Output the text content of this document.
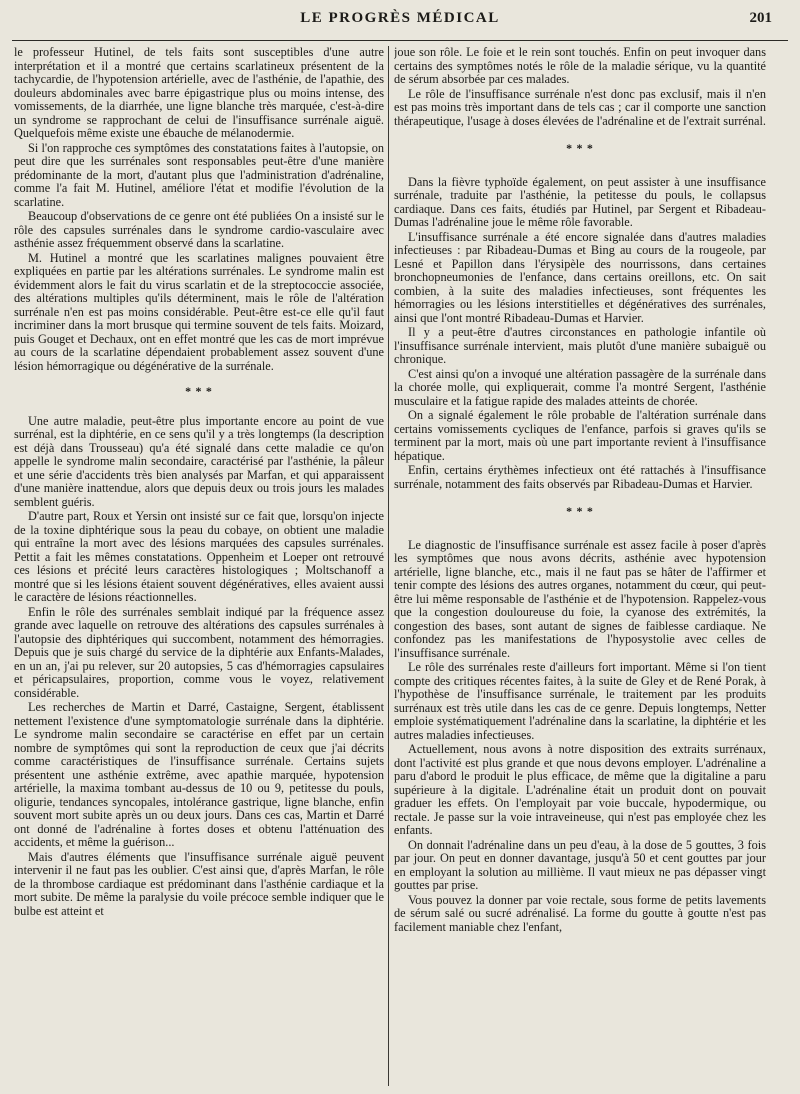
LE PROGRÈS MÉDICAL	201

le professeur Hutinel, de tels faits sont susceptibles d'une autre interprétation et il a montré que certains scarlatineux présentent de la tachycardie, de l'hypotension artérielle, avec de l'asthénie, de l'apathie, des douleurs abdominales avec barre épigastrique plus ou moins intense, des vomissements, de la diarrhée, une ligne blanche très marquée, c'est-à-dire un syndrome se rapprochant de celui de l'insuffisance surrénale aiguë. Quelquefois même existe une ébauche de mélanodermie.

Si l'on rapproche ces symptômes des constatations faites à l'autopsie, on peut dire que les surrénales sont responsables peut-être d'une manière prédominante de la mort, d'autant plus que l'administration d'adrénaline, comme l'a fait M. Hutinel, améliore l'état et modifie l'évolution de la scarlatine.

Beaucoup d'observations de ce genre ont été publiées On a insisté sur le rôle des capsules surrénales dans le syndrome cardio-vasculaire avec asthénie assez fréquemment observé dans la scarlatine.

M. Hutinel a montré que les scarlatines malignes pouvaient être expliquées en partie par les altérations surrénales. Le syndrome malin est évidemment alors le fait du virus scarlatin et de la streptococcie associée, des altérations multiples qu'ils déterminent, mais le rôle de l'altération surrénale n'en est pas moins considérable. Peut-être est-ce elle qu'il faut incriminer dans la mort brusque qui termine souvent de tels faits. Moizard, puis Gouget et Dechaux, ont en effet montré que les cas de mort imprévue au cours de la scarlatine dépendaient probablement assez souvent d'une lésion hémorragique ou dégénérative de la surrénale.

* * *

Une autre maladie, peut-être plus importante encore au point de vue surrénal, est la diphtérie, en ce sens qu'il y a très longtemps (la description est déjà dans Trousseau) qu'a été signalé dans cette maladie ce qu'on appelle le syndrome malin secondaire, caractérisé par l'asthénie, la pâleur et une série d'accidents très bien analysés par Marfan, et qui apparaissent d'une manière inattendue, alors que depuis deux ou trois jours les malades semblent guéris.

D'autre part, Roux et Yersin ont insisté sur ce fait que, lorsqu'on injecte de la toxine diphtérique sous la peau du cobaye, on obtient une maladie qui entraîne la mort avec des lésions marquées des capsules surrénales. Pettit a fait les mêmes constatations. Oppenheim et Loeper ont retrouvé ces lésions et précité leurs caractères histologiques ; Moltschanoff a montré que si les lésions étaient souvent dégénératives, elles avaient aussi le caractère de lésions réactionnelles.

Enfin le rôle des surrénales semblait indiqué par la fréquence assez grande avec laquelle on retrouve des altérations des capsules surrénales à l'autopsie des diphtériques qui succombent, notamment des hémorragies. Depuis que je suis chargé du service de la diphtérie aux Enfants-Malades, en un an, j'ai pu relever, sur 20 autopsies, 5 cas d'hémorragies capsulaires et péricapsulaires, proportion, comme vous le voyez, relativement considérable.

Les recherches de Martin et Darré, Castaigne, Sergent, établissent nettement l'existence d'une symptomatologie surrénale dans la diphtérie. Le syndrome malin secondaire se caractérise en effet par un certain nombre de symptômes qui sont la reproduction de ceux que j'ai décrits comme caractéristiques de l'insuffisance surrénale. Certains sujets présentent une asthénie extrême, avec apathie marquée, hypotension artérielle, la maxima tombant au-dessus de 10 ou 9, petitesse du pouls, oligurie, tendances syncopales, intolérance gastrique, ligne blanche, enfin souvent mort subite après un ou deux jours. Dans ces cas, Martin et Darré ont donné de l'adrénaline à fortes doses et obtenu l'atténuation des accidents, et même la guérison...

Mais d'autres éléments que l'insuffisance surrénale aiguë peuvent intervenir il ne faut pas les oublier. C'est ainsi que, d'après Marfan, le rôle de la thrombose cardiaque est prédominant dans l'asthénie cardiaque et la mort subite. De même la paralysie du voile précoce semble indiquer que le bulbe est atteint et

joue son rôle. Le foie et le rein sont touchés. Enfin on peut invoquer dans certains des symptômes notés le rôle de la maladie sérique, vu la quantité de sérum absorbée par ces malades.

Le rôle de l'insuffisance surrénale n'est donc pas exclusif, mais il n'en est pas moins très important dans de tels cas ; car il comporte une sanction thérapeutique, l'usage à doses élevées de l'adrénaline et de l'extrait surrénal.

* * *

Dans la fièvre typhoïde également, on peut assister à une insuffisance surrénale, traduite par l'asthénie, la petitesse du pouls, le collapsus cardiaque. Dans ces faits, étudiés par Hutinel, par Sergent et Ribadeau-Dumas l'adrénaline joue le même rôle favorable.

L'insuffisance surrénale a été encore signalée dans d'autres maladies infectieuses : par Ribadeau-Dumas et Bing au cours de la rougeole, par Lesné et Papillon dans l'érysipèle des nourrissons, dans certaines bronchopneumonies de l'enfance, dans certains oreillons, etc. On sait combien, à la suite des maladies infectieuses, sont fréquentes les hémorragies ou les lésions interstitielles et dégénératives des surrénales, ainsi que l'ont montré Ribadeau-Dumas et Harvier.

Il y a peut-être d'autres circonstances en pathologie infantile où l'insuffisance surrénale intervient, mais plutôt d'une manière subaiguë ou chronique.

C'est ainsi qu'on a invoqué une altération passagère de la surrénale dans la chorée molle, qui expliquerait, comme l'a montré Sergent, l'asthénie musculaire et la fatigue rapide des malades atteints de chorée.

On a signalé également le rôle probable de l'altération surrénale dans certains vomissements cycliques de l'enfance, parfois si graves qu'ils se terminent par la mort, mais où une part importante revient à l'insuffisance hépatique.

Enfin, certains érythèmes infectieux ont été rattachés à l'insuffisance surrénale, notamment des faits observés par Ribadeau-Dumas et Harvier.

* * *

Le diagnostic de l'insuffisance surrénale est assez facile à poser d'après les symptômes que nous avons décrits, asthénie avec hypotension artérielle, ligne blanche, etc., mais il ne faut pas se hâter de l'affirmer et tenir compte des lésions des autres organes, notamment du cœur, qui peut-être lui même responsable de l'asthénie et de l'hypotension. Rappelez-vous que la congestion douloureuse du foie, la cyanose des extrémités, la congestion des bases, sont autant de signes de faiblesse cardiaque. Ne confondez pas les manifestations de l'hyposystolie avec celles de l'insuffisance surrénale.

Le rôle des surrénales reste d'ailleurs fort important. Même si l'on tient compte des critiques récentes faites, à la suite de Gley et de René Porak, à l'hypothèse de l'insuffisance surrénale, le traitement par les produits surrénaux est très utile dans les cas de ce genre. Depuis longtemps, Netter emploie systématiquement l'adrénaline dans la scarlatine, la diphtérie et les autres maladies infectieuses.

Actuellement, nous avons à notre disposition des extraits surrénaux, dont l'activité est plus grande et que nous devons employer. L'adrénaline a paru d'abord le produit le plus efficace, de même que la digitaline a paru supérieure à la digitale. L'adrénaline était un produit dont on pouvait graduer les effets. On l'employait par voie buccale, hypodermique, ou rectale. Je passe sur la voie intraveineuse, qui n'est pas employée chez les enfants.

On donnait l'adrénaline dans un peu d'eau, à la dose de 5 gouttes, 3 fois par jour. On peut en donner davantage, jusqu'à 50 et cent gouttes par jour en employant la solution au millième. Il vaut mieux ne pas dépasser vingt gouttes par prise.

Vous pouvez la donner par voie rectale, sous forme de petits lavements de sérum salé ou sucré adrénalisé. La forme du goutte à goutte n'est pas facilement maniable chez l'enfant,
